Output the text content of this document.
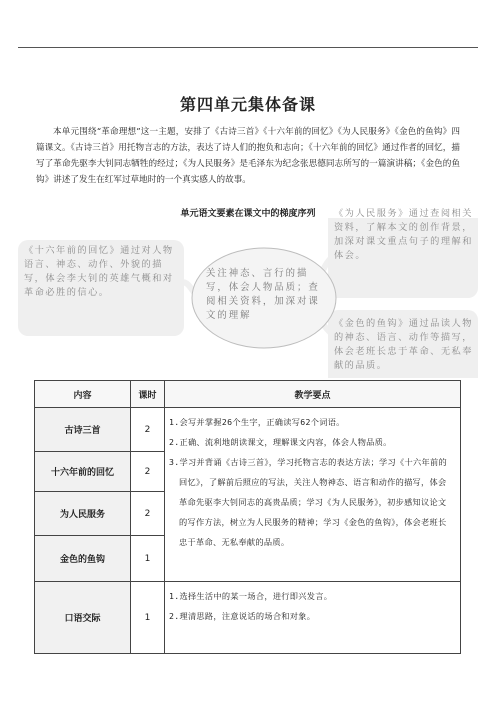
第四单元集体备课
本单元围绕“革命理想”这一主题，安排了《古诗三首》《十六年前的回忆》《为人民服务》《金色的鱼钩》四篇课文。《古诗三首》用托物言志的方法，表达了诗人们的抱负和志向；《十六年前的回忆》通过作者的回忆，描写了革命先驱李大钊同志牺牲的经过；《为人民服务》是毛泽东为纪念张思德同志所写的一篇演讲稿；《金色的鱼钩》讲述了发生在红军过草地时的一个真实感人的故事。
单元语文要素在课文中的梯度序列
《十六年前的回忆》通过对人物语言、神态、动作、外貌的描写，体会李大钊的英雄气概和对革命必胜的信心。
《为人民服务》通过查阅相关资料，了解本文的创作背景，加深对课文重点句子的理解和体会。
《金色的鱼钩》通过品读人物的神态、语言、动作等描写，体会老班长忠于革命、无私奉献的品质。
关注神态、言行的描写，体会人物品质；查阅相关资料，加深对课文的理解
内容	课时	教学要点
古诗三首	2	1.会写并掌握26个生字，正确读写62个词语。
2.正确、流利地朗读课文，理解课文内容，体会人物品质。
3.学习并背诵《古诗三首》，学习托物言志的表达方法；学习《十六年前的回忆》，了解前后照应的写法，关注人物神态、语言和动作的描写，体会革命先驱李大钊同志的高贵品质；学习《为人民服务》，初步感知议论文的写作方法，树立为人民服务的精神；学习《金色的鱼钩》，体会老班长忠于革命、无私奉献的品质。

十六年前的回忆	2	
为人民服务	2	
金色的鱼钩	1	
口语交际	1	1.选择生活中的某一场合，进行即兴发言。
2.理清思路，注意说话的场合和对象。
